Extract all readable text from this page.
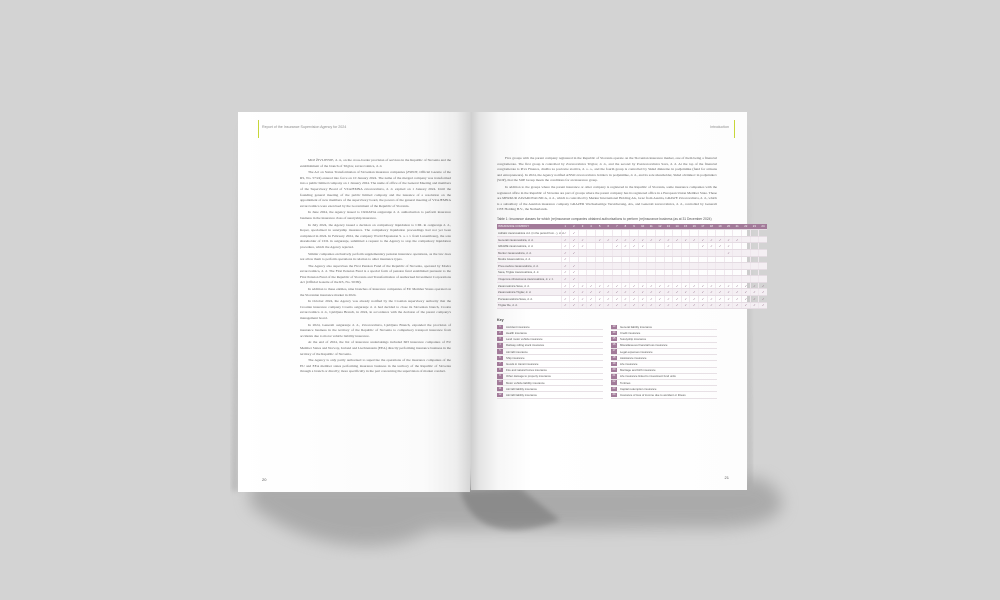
Report of the Insurance Supervision Agency for 2024

MOJ ŽIVLJENJE, d. d., on the cross-border provision of services in the Republic of Slovenia and the establishment of the branch of Triglav, zavarovalnica, d. d.

The Act on Status Transformation of Slovenian insurance companies (ZSPOT, Official Gazette of the RS, No. 57/24) entered into force on 10 January 2024. The name of the merged company was transformed into a public limited company on 1 January 2024. The name of office of the General Meeting and members of the Supervisory Board of VZAJEMNA zavarovalnica, d. d. expired on 1 January 2024. Until the founding general meeting of the public limited company and the issuance of a resolution on the appointment of new members of the supervisory board, the powers of the general meeting of VZAJEMNA zavarovalnica were exercised by the Government of the Republic of Slovenia.

In June 2024, the Agency issued to CROATIA osiguranje d. d. authorisation to perform insurance business in the insurance class of suretyship insurance.

In July 2024, the Agency issued a decision on compulsory liquidation to CDL in osiguranje d. d., Koper, specialised in suretyship insurance. The compulsory liquidation proceedings had not yet been completed in 2024. In February 2024, the company World Expansion S. a. r. l. from Luxembourg, the sole shareholder of CDL in osiguranje, submitted a request to the Agency to stop the compulsory liquidation procedure, which the Agency rejected.

Similar companies exclusively perform supplementary pension insurance operations, as the law does not allow them to perform operations in relation to other insurance types.

The Agency also supervises the First Pension Fund of the Republic of Slovenia, operated by Modra zavarovalnica, d. d. The First Pension Fund is a special form of pension fund established pursuant to the First Pension Fund of the Republic of Slovenia and Transformation of Authorised Investment Corporations Act (Official Gazette of the RS, No. 50/99).

In addition to these entities, nine branches of insurance companies of EU Member States operated on the Slovenian insurance market in 2024.

In October 2024, the Agency was already notified by the Croatian supervisory authority that the Croatian insurance company Croatia osiguranje d. d. had decided to close its Slovenian branch, Croatia zavarovalnica d. d., Ljubljana Branch, in 2024, in accordance with the decision of the parent company's management board.

In 2024, Generali osiguranje d. d., Zavarovalnica, Ljubljana Branch, expanded the provision of insurance business in the territory of the Republic of Slovenia to compulsory transport insurance from accidents due to motor vehicle liability insurance.

At the end of 2024, the list of insurance undertakings included 663 insurance companies of EU Member States and Norway, Iceland and Liechtenstein (EEA) directly performing insurance business in the territory of the Republic of Slovenia.

The Agency is only partly authorised to supervise the operations of the insurance companies of the EU and EEA member states performing insurance business in the territory of the Republic of Slovenia through a branch or directly; more specifically in the part concerning the supervision of market conduct.

20
Introduction

Five groups with the parent company registered in the Republic of Slovenia operate on the Slovenian insurance market, one of them being a financial conglomerate. The first group is controlled by Zavarovalnica Triglav, d. d., and the second by Pozavarovalnica Sava, d. d. At the top of the financial conglomerate is Prva Finance, družba za poslovne storitve, d. o. o., and the fourth group is controlled by Skład diskretno in podjetniške (fund for artisans and entrepreneurs). In 2024, the Agency notified ANSO zavarovalnica četrtkov in podjetniške, d. d., and its sole shareholder, Skład obrtnikov in podjetnikov (SOP), that the SOP Group meets the conditions for an insurance group.

In addition to the groups where the parent insurance or other company is registered in the Republic of Slovenia, some insurance companies with the registered office in the Republic of Slovenia are part of groups where the parent company has its registered office in a European Union Member State. These are MERKUR ZAVAROVALNICA, d. d., which is controlled by Merkur International Holding AG, Graz from Austria, GRAWE Zavarovalnica, d. d., which is a subsidiary of the Austrian insurance company GRAZER Wechselseitige Versicherung, AG, and Generali zavarovalnica, d. d., controlled by Generali CEE Holding B.V., the Netherlands.

Table 1: Insurance classes for which (re)insurance companies obtained authorisations to perform (re)insurance business (as at 31 December 2024)
INSURANCE COMPANY	1	2	3	4	5	6	7	8	9	10	11	12	13	14	15	16	17	18	19	20	21	22	23	24
Adriatic zavarovalnica d.d. (in the period from...), d. d.	✓	✓																						
Generali zavarovalnica, d. d.	✓	✓	✓		✓	✓	✓	✓	✓	✓	✓	✓	✓	✓	✓	✓	✓	✓	✓	✓	✓			
GRAWE zavarovalnica, d. d.	✓	✓	✓				✓	✓	✓	✓			✓				✓	✓	✓	✓				
Merkur zavarovalnica, d. d.	✓	✓																		✓				
Modra zavarovalnica, d. d.	✓																							
Prva osebna zavarovalnica, d. d.	✓	✓																						
Sava, Triglav zavarovalnica, d. d.	✓	✓																						
Vzajemna zdravstvena zavarovalnica, d. v. z.	✓	✓																						
Zavarovalnica Sava, d. d.	✓	✓	✓	✓	✓	✓	✓	✓	✓	✓	✓	✓	✓	✓	✓	✓	✓	✓	✓	✓	✓	✓	✓	✓
Zavarovalnica Triglav, d. d.	✓	✓	✓	✓	✓	✓	✓	✓	✓	✓	✓	✓	✓	✓	✓	✓	✓	✓	✓	✓	✓	✓	✓	✓
Pozavarovalnica Sava, d. d.	✓	✓	✓	✓	✓	✓	✓	✓	✓	✓	✓	✓	✓	✓	✓	✓	✓	✓	✓	✓	✓	✓	✓	✓
Triglav Re, d. d.	✓	✓	✓	✓	✓	✓	✓	✓	✓	✓	✓	✓	✓	✓	✓	✓	✓	✓	✓	✓	✓	✓	✓	✓
Key
1	Accident insurance
2	Health insurance
3	Land motor vehicle insurance
4	Railway rolling stock insurance
5	Aircraft insurance
6	Ship insurance
7	Goods in transit insurance
8	Fire and natural forces insurance
9	Other damage to property insurance
10	Motor vehicle liability insurance
11	Aircraft liability insurance
12	Aircraft liability insurance
13	General liability insurance
14	Credit insurance
15	Suretyship insurance
16	Miscellaneous financial loss insurance
17	Legal expenses insurance
18	Assistance insurance
19	Life insurance
20	Marriage and birth insurance
21	Life insurance linked to investment fund units
22	Tontines
23	Capital redemption insurance
24	Insurance of loss of income due to accident or illness
21
